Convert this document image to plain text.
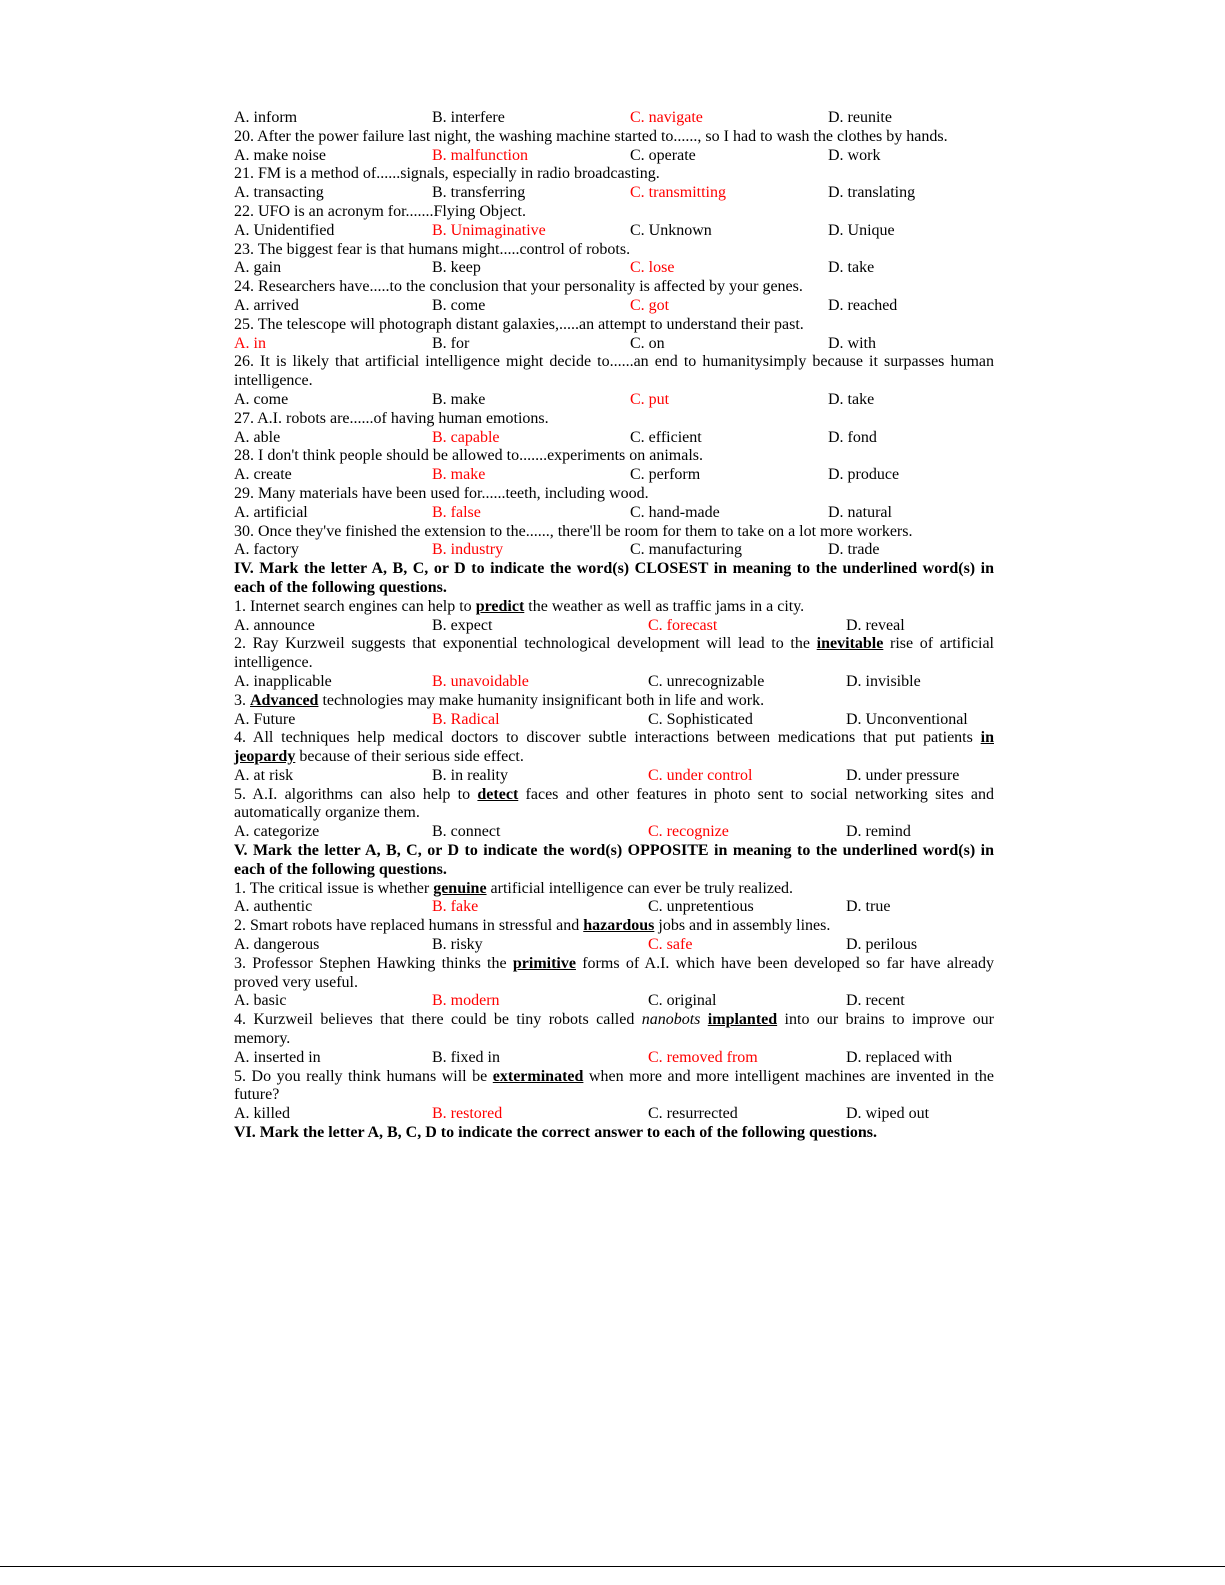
A. inform	B. interfere	C. navigate	D. reunite
20. After the power failure last night, the washing machine started to......, so I had to wash the clothes by hands.
A. make noise	B. malfunction	C. operate	D. work
21. FM is a method of......signals, especially in radio broadcasting.
A. transacting	B. transferring	C. transmitting	D. translating
22. UFO is an acronym for.......Flying Object.
A. Unidentified	B. Unimaginative	C. Unknown	D. Unique
23. The biggest fear is that humans might.....control of robots.
A. gain	B. keep	C. lose	D. take
24. Researchers have.....to the conclusion that your personality is affected by your genes.
A. arrived	B. come	C. got	D. reached
25. The telescope will photograph distant galaxies,.....an attempt to understand their past.
A. in	B. for	C. on	D. with
26. It is likely that artificial intelligence might decide to......an end to humanitysimply because it surpasses human intelligence.
A. come	B. make	C. put	D. take
27. A.I. robots are......of having human emotions.
A. able	B. capable	C. efficient	D. fond
28. I don't think people should be allowed to.......experiments on animals.
A. create	B. make	C. perform	D. produce
29. Many materials have been used for......teeth, including wood.
A. artificial	B. false	C. hand-made	D. natural
30. Once they've finished the extension to the......, there'll be room for them to take on a lot more workers.
A. factory	B. industry	C. manufacturing	D. trade
IV. Mark the letter A, B, C, or D to indicate the word(s) CLOSEST in meaning to the underlined word(s) in each of the following questions.
1. Internet search engines can help to predict the weather as well as traffic jams in a city.
A. announce	B. expect	C. forecast	D. reveal
2. Ray Kurzweil suggests that exponential technological development will lead to the inevitable rise of artificial intelligence.
A. inapplicable	B. unavoidable	C. unrecognizable	D. invisible
3. Advanced technologies may make humanity insignificant both in life and work.
A. Future	B. Radical	C. Sophisticated	D. Unconventional
4. All techniques help medical doctors to discover subtle interactions between medications that put patients in jeopardy because of their serious side effect.
A. at risk	B. in reality	C. under control	D. under pressure
5. A.I. algorithms can also help to detect faces and other features in photo sent to social networking sites and automatically organize them.
A. categorize	B. connect	C. recognize	D. remind
V. Mark the letter A, B, C, or D to indicate the word(s) OPPOSITE in meaning to the underlined word(s) in each of the following questions.
1. The critical issue is whether genuine artificial intelligence can ever be truly realized.
A. authentic	B. fake	C. unpretentious	D. true
2. Smart robots have replaced humans in stressful and hazardous jobs and in assembly lines.
A. dangerous	B. risky	C. safe	D. perilous
3. Professor Stephen Hawking thinks the primitive forms of A.I. which have been developed so far have already proved very useful.
A. basic	B. modern	C. original	D. recent
4. Kurzweil believes that there could be tiny robots called nanobots implanted into our brains to improve our memory.
A. inserted in	B. fixed in	C. removed from	D. replaced with
5. Do you really think humans will be exterminated when more and more intelligent machines are invented in the future?
A. killed	B. restored	C. resurrected	D. wiped out
VI. Mark the letter A, B, C, D to indicate the correct answer to each of the following questions.
